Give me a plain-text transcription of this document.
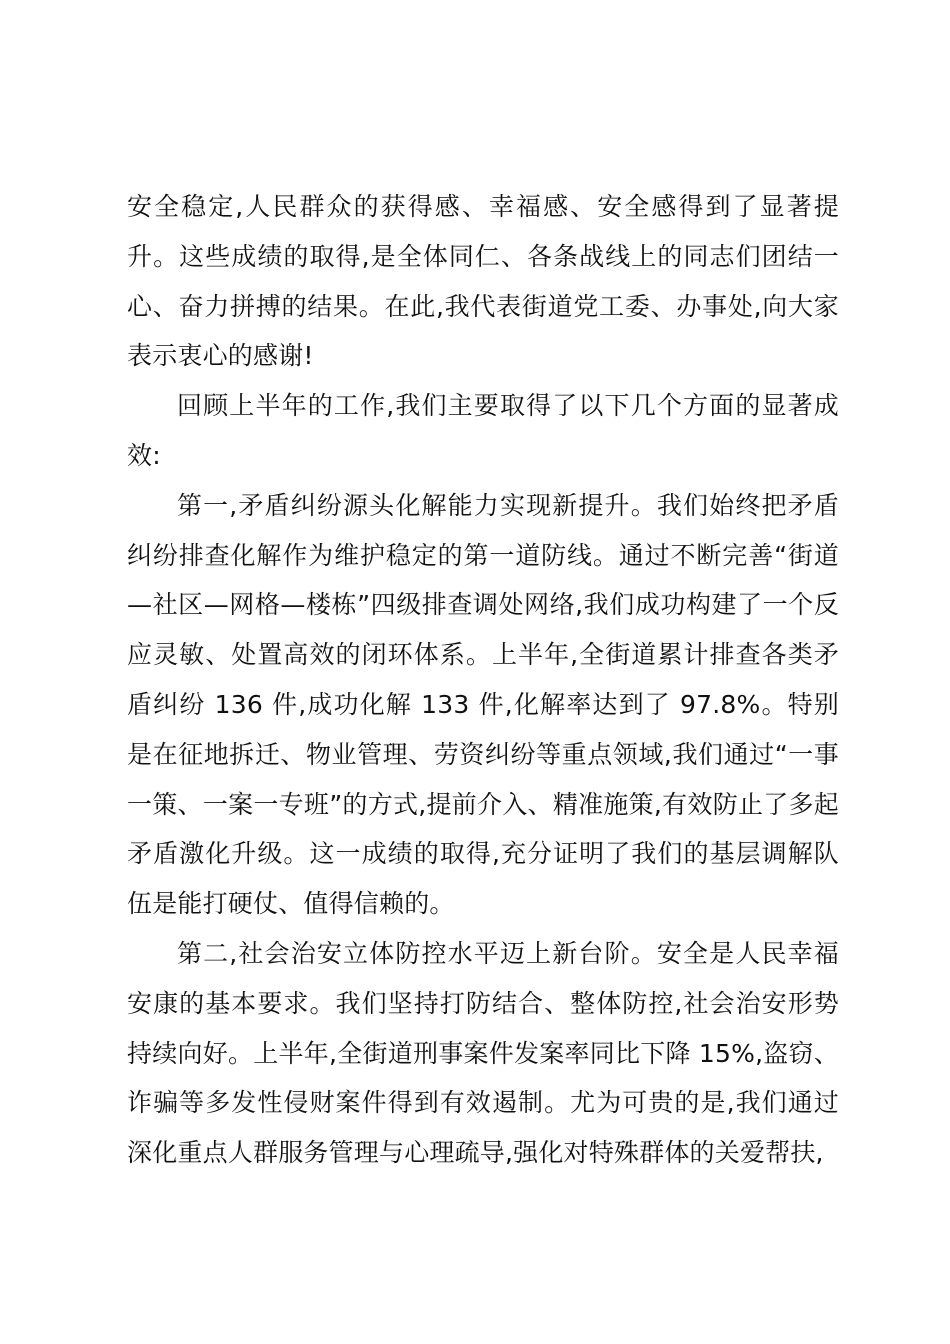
安全稳定,人民群众的获得感、幸福感、安全感得到了显著提升。这些成绩的取得,是全体同仁、各条战线上的同志们团结一心、奋力拼搏的结果。在此,我代表街道党工委、办事处,向大家表示衷心的感谢!

回顾上半年的工作,我们主要取得了以下几个方面的显著成效:

第一,矛盾纠纷源头化解能力实现新提升。我们始终把矛盾纠纷排查化解作为维护稳定的第一道防线。通过不断完善“街道—社区—网格—楼栋”四级排查调处网络,我们成功构建了一个反应灵敏、处置高效的闭环体系。上半年,全街道累计排查各类矛盾纠纷 136 件,成功化解 133 件,化解率达到了 97.8%。特别是在征地拆迁、物业管理、劳资纠纷等重点领域,我们通过“一事一策、一案一专班”的方式,提前介入、精准施策,有效防止了多起矛盾激化升级。这一成绩的取得,充分证明了我们的基层调解队伍是能打硬仗、值得信赖的。

第二,社会治安立体防控水平迈上新台阶。安全是人民幸福安康的基本要求。我们坚持打防结合、整体防控,社会治安形势持续向好。上半年,全街道刑事案件发案率同比下降 15%,盗窃、诈骗等多发性侵财案件得到有效遏制。尤为可贵的是,我们通过深化重点人群服务管理与心理疏导,强化对特殊群体的关爱帮扶,
